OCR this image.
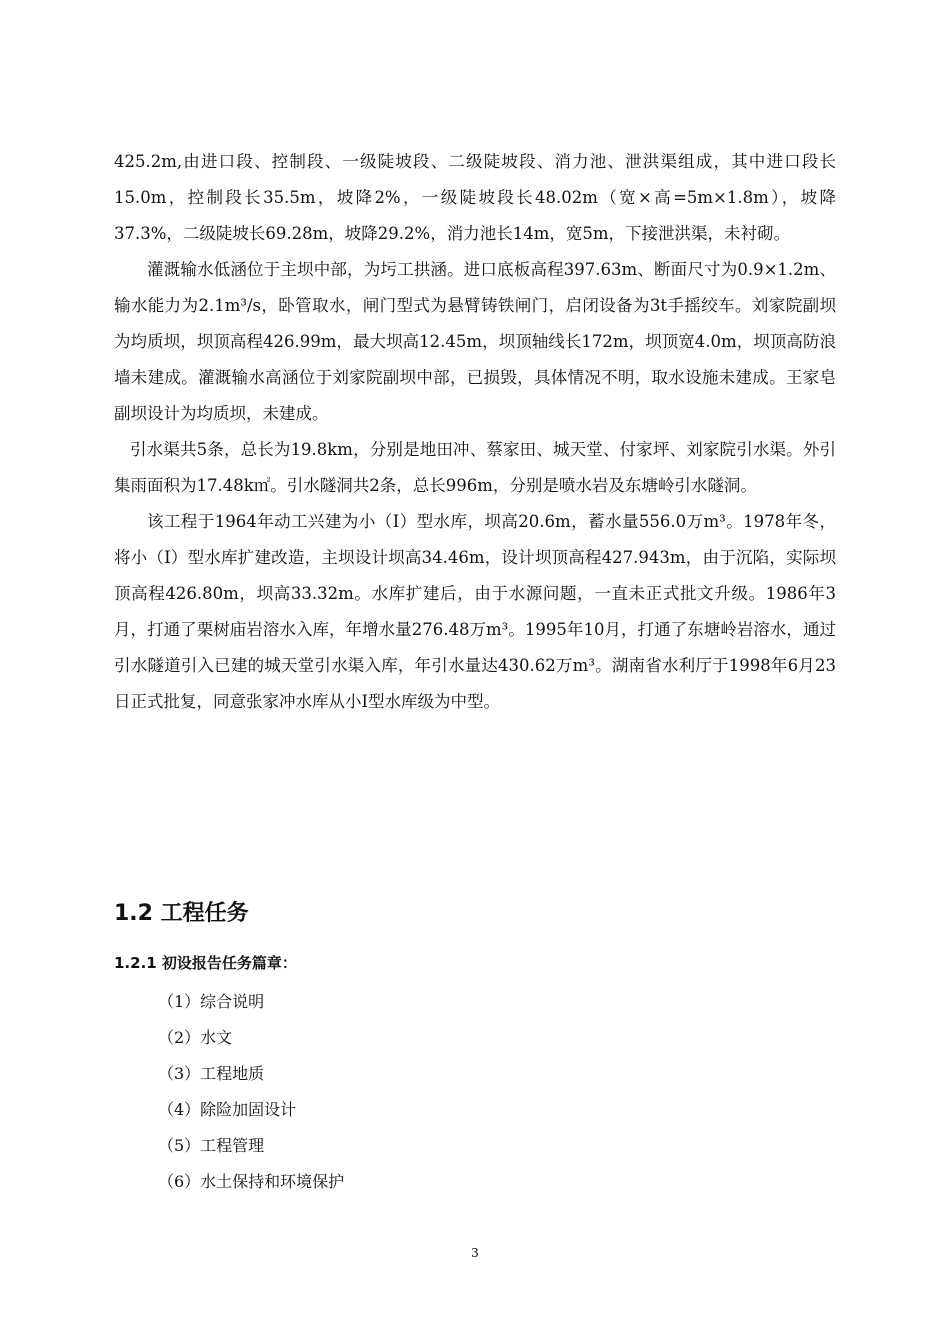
425.2m,由进口段、控制段、一级陡坡段、二级陡坡段、消力池、泄洪渠组成，其中进口段长15.0m，控制段长35.5m，坡降2%，一级陡坡段长48.02m（宽×高=5m×1.8m），坡降37.3%，二级陡坡长69.28m，坡降29.2%，消力池长14m，宽5m，下接泄洪渠，未衬砌。

灌溉输水低涵位于主坝中部，为圬工拱涵。进口底板高程397.63m、断面尺寸为0.9×1.2m、输水能力为2.1m³/s，卧管取水，闸门型式为悬臂铸铁闸门，启闭设备为3t手摇绞车。刘家院副坝为均质坝，坝顶高程426.99m，最大坝高12.45m，坝顶轴线长172m，坝顶宽4.0m，坝顶高防浪墙未建成。灌溉输水高涵位于刘家院副坝中部，已损毁，具体情况不明，取水设施未建成。王家皂副坝设计为均质坝，未建成。

引水渠共5条，总长为19.8km，分别是地田冲、蔡家田、城天堂、付家坪、刘家院引水渠。外引集雨面积为17.48k㎡。引水隧洞共2条，总长996m，分别是喷水岩及东塘岭引水隧洞。

该工程于1964年动工兴建为小（Ⅰ）型水库，坝高20.6m，蓄水量556.0万m³。1978年冬，将小（Ⅰ）型水库扩建改造，主坝设计坝高34.46m，设计坝顶高程427.943m，由于沉陷，实际坝顶高程426.80m，坝高33.32m。水库扩建后，由于水源问题，一直未正式批文升级。1986年3月，打通了栗树庙岩溶水入库，年增水量276.48万m³。1995年10月，打通了东塘岭岩溶水，通过引水隧道引入已建的城天堂引水渠入库，年引水量达430.62万m³。湖南省水利厅于1998年6月23日正式批复，同意张家冲水库从小Ⅰ型水库级为中型。

1.2 工程任务
1.2.1 初设报告任务篇章：
（1）综合说明
（2）水文
（3）工程地质
（4）除险加固设计
（5）工程管理
（6）水土保持和环境保护
3
